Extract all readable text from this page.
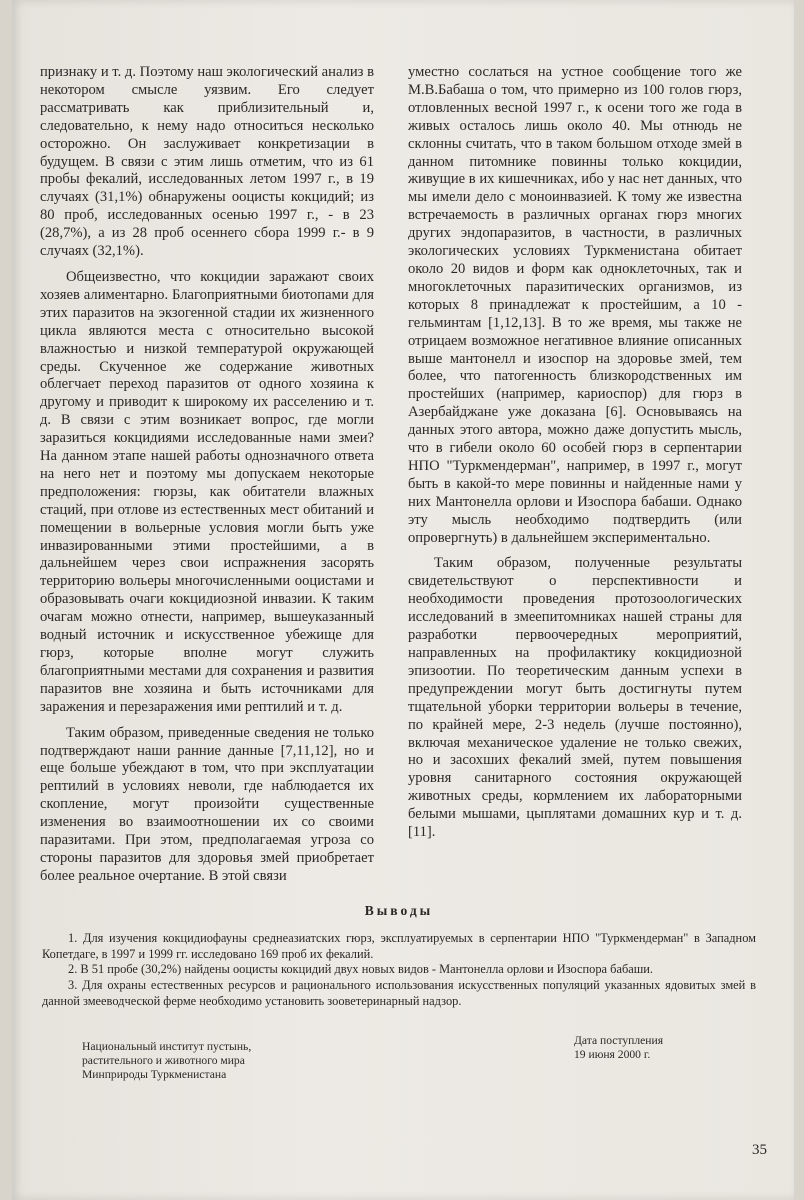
признаку и т. д. Поэтому наш экологический анализ в некотором смысле уязвим. Его следует рассматривать как приблизительный и, следовательно, к нему надо относиться несколько осторожно. Он заслуживает конкретизации в будущем. В связи с этим лишь отметим, что из 61 пробы фекалий, исследованных летом 1997 г., в 19 случаях (31,1%) обнаружены ооцисты кокцидий; из 80 проб, исследованных осенью 1997 г., - в 23 (28,7%), а из 28 проб осеннего сбора 1999 г.- в 9 случаях (32,1%).

Общеизвестно, что кокцидии заражают своих хозяев алиментарно. Благоприятными биотопами для этих паразитов на экзогенной стадии их жизненного цикла являются места с относительно высокой влажностью и низкой температурой окружающей среды. Скученное же содержание животных облегчает переход паразитов от одного хозяина к другому и приводит к широкому их расселению и т. д. В связи с этим возникает вопрос, где могли заразиться кокцидиями исследованные нами змеи? На данном этапе нашей работы однозначного ответа на него нет и поэтому мы допускаем некоторые предположения: гюрзы, как обитатели влажных стаций, при отлове из естественных мест обитаний и помещении в вольерные условия могли быть уже инвазированными этими простейшими, а в дальнейшем через свои испражнения засорять территорию вольеры многочисленными ооцистами и образовывать очаги кокцидиозной инвазии. К таким очагам можно отнести, например, вышеуказанный водный источник и искусственное убежище для гюрз, которые вполне могут служить благоприятными местами для сохранения и развития паразитов вне хозяина и быть источниками для заражения и перезаражения ими рептилий и т. д.

Таким образом, приведенные сведения не только подтверждают наши ранние данные [7,11,12], но и еще больше убеждают в том, что при эксплуатации рептилий в условиях неволи, где наблюдается их скопление, могут произойти существенные изменения во взаимоотношении их со своими паразитами. При этом, предполагаемая угроза со стороны паразитов для здоровья змей приобретает более реальное очертание. В этой связи

уместно сослаться на устное сообщение того же М.В.Бабаша о том, что примерно из 100 голов гюрз, отловленных весной 1997 г., к осени того же года в живых осталось лишь около 40. Мы отнюдь не склонны считать, что в таком большом отходе змей в данном питомнике повинны только кокцидии, живущие в их кишечниках, ибо у нас нет данных, что мы имели дело с моноинвазией. К тому же известна встречаемость в различных органах гюрз многих других эндопаразитов, в частности, в различных экологических условиях Туркменистана обитает около 20 видов и форм как одноклеточных, так и многоклеточных паразитических организмов, из которых 8 принадлежат к простейшим, а 10 - гельминтам [1,12,13]. В то же время, мы также не отрицаем возможное негативное влияние описанных выше мантонелл и изоспор на здоровье змей, тем более, что патогенность близкородственных им простейших (например, кариоспор) для гюрз в Азербайджане уже доказана [6]. Основываясь на данных этого автора, можно даже допустить мысль, что в гибели около 60 особей гюрз в серпентарии НПО "Туркмендерман", например, в 1997 г., могут быть в какой-то мере повинны и найденные нами у них Мантонелла орлови и Изоспора бабаши. Однако эту мысль необходимо подтвердить (или опровергнуть) в дальнейшем экспериментально.

Таким образом, полученные результаты свидетельствуют о перспективности и необходимости проведения протозоологических исследований в змеепитомниках нашей страны для разработки первоочередных мероприятий, направленных на профилактику кокцидиозной эпизоотии. По теоретическим данным успехи в предупреждении могут быть достигнуты путем тщательной уборки территории вольеры в течение, по крайней мере, 2-3 недель (лучше постоянно), включая механическое удаление не только свежих, но и засохших фекалий змей, путем повышения уровня санитарного состояния окружающей животных среды, кормлением их лабораторными белыми мышами, цыплятами домашних кур и т. д. [11].

Выводы

1. Для изучения кокцидиофауны среднеазиатских гюрз, эксплуатируемых в серпентарии НПО "Туркмендерман" в Западном Копетдаге, в 1997 и 1999 гг. исследовано 169 проб их фекалий.

2. В 51 пробе (30,2%) найдены ооцисты кокцидий двух новых видов - Мантонелла орлови и Изоспора бабаши.

3. Для охраны естественных ресурсов и рационального использования искусственных популяций указанных ядовитых змей в данной змееводческой ферме необходимо установить зооветеринарный надзор.

Национальный институт пустынь,
растительного и животного мира
Минприроды Туркменистана
Дата поступления
19 июня 2000 г.
35
